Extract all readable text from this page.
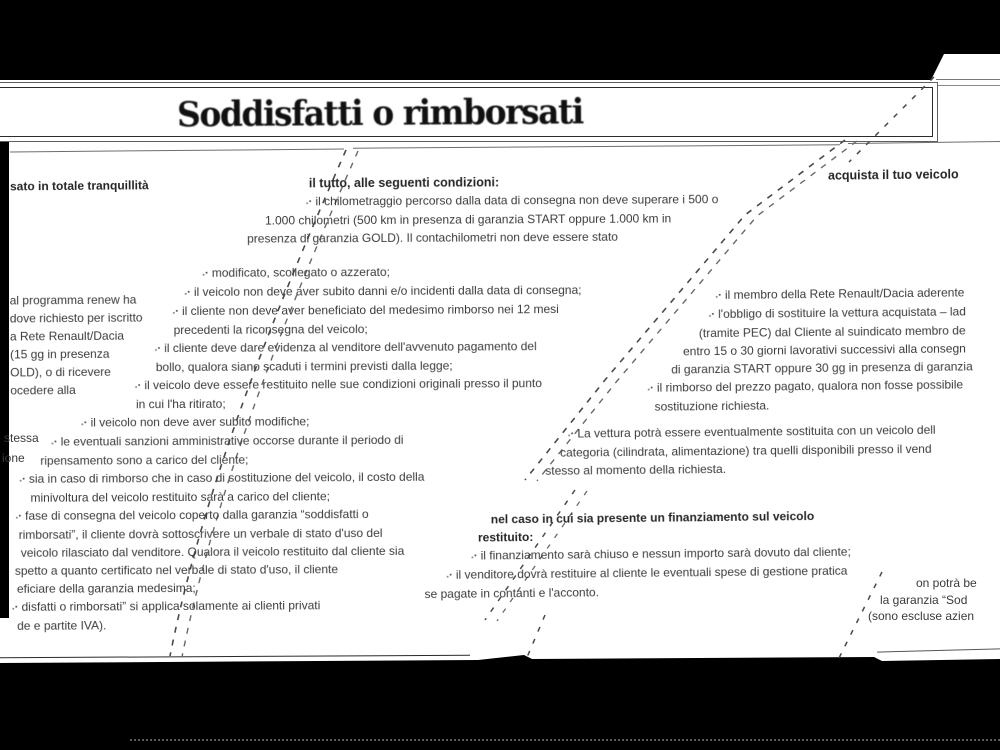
Soddisfatti o rimborsati
sato in totale tranquillità
al programma renew ha
dove richiesto per iscritto
a Rete Renault/Dacia
(15 gg in presenza
OLD), o di ricevere
ocedere alla
stessa
ione
il tutto, alle seguenti condizioni:
▪ il chilometraggio percorso dalla data di consegna non deve superare i 500 o
1.000 chilometri (500 km in presenza di garanzia START oppure 1.000 km in
presenza di garanzia GOLD). Il contachilometri non deve essere stato
▪ modificato, scollegato o azzerato;
▪ il veicolo non deve aver subito danni e/o incidenti dalla data di consegna;
▪ il cliente non deve aver beneficiato del medesimo rimborso nei 12 mesi
precedenti la riconsegna del veicolo;
▪ il cliente deve dare evidenza al venditore dell'avvenuto pagamento del
bollo, qualora siano scaduti i termini previsti dalla legge;
▪ il veicolo deve essere restituito nelle sue condizioni originali presso il punto
in cui l'ha ritirato;
▪ il veicolo non deve aver subito modifiche;
▪ le eventuali sanzioni amministrative occorse durante il periodo di
ripensamento sono a carico del cliente;
▪ sia in caso di rimborso che in caso di sostituzione del veicolo, il costo della
minivoltura del veicolo restituito sarà a carico del cliente;
▪ fase di consegna del veicolo coperto dalla garanzia “soddisfatti o
rimborsati”, il cliente dovrà sottoscrivere un verbale di stato d'uso del
veicolo rilasciato dal venditore. Qualora il veicolo restituito dal cliente sia
spetto a quanto certificato nel verbale di stato d'uso, il cliente
eficiare della garanzia medesima;
▪ disfatti o rimborsati” si applica solamente ai clienti privati
de e partite IVA).
acquista il tuo veicolo
▪ il membro della Rete Renault/Dacia aderente
▪ l'obbligo di sostituire la vettura acquistata – lad
(tramite PEC) dal Cliente al suindicato membro de
entro 15 o 30 giorni lavorativi successivi alla consegn
di garanzia START oppure 30 gg in presenza di garanzia
▪ il rimborso del prezzo pagato, qualora non fosse possibile
sostituzione richiesta.
▪ La vettura potrà essere eventualmente sostituita con un veicolo dell
categoria (cilindrata, alimentazione) tra quelli disponibili presso il vend
stesso al momento della richiesta.
nel caso in cui sia presente un finanziamento sul veicolo
restituito:
▪ il finanziamento sarà chiuso e nessun importo sarà dovuto dal cliente;
▪ il venditore dovrà restituire al cliente le eventuali spese di gestione pratica
se pagate in contanti e l'acconto.
on potrà be
la garanzia “Sod
(sono escluse azien
